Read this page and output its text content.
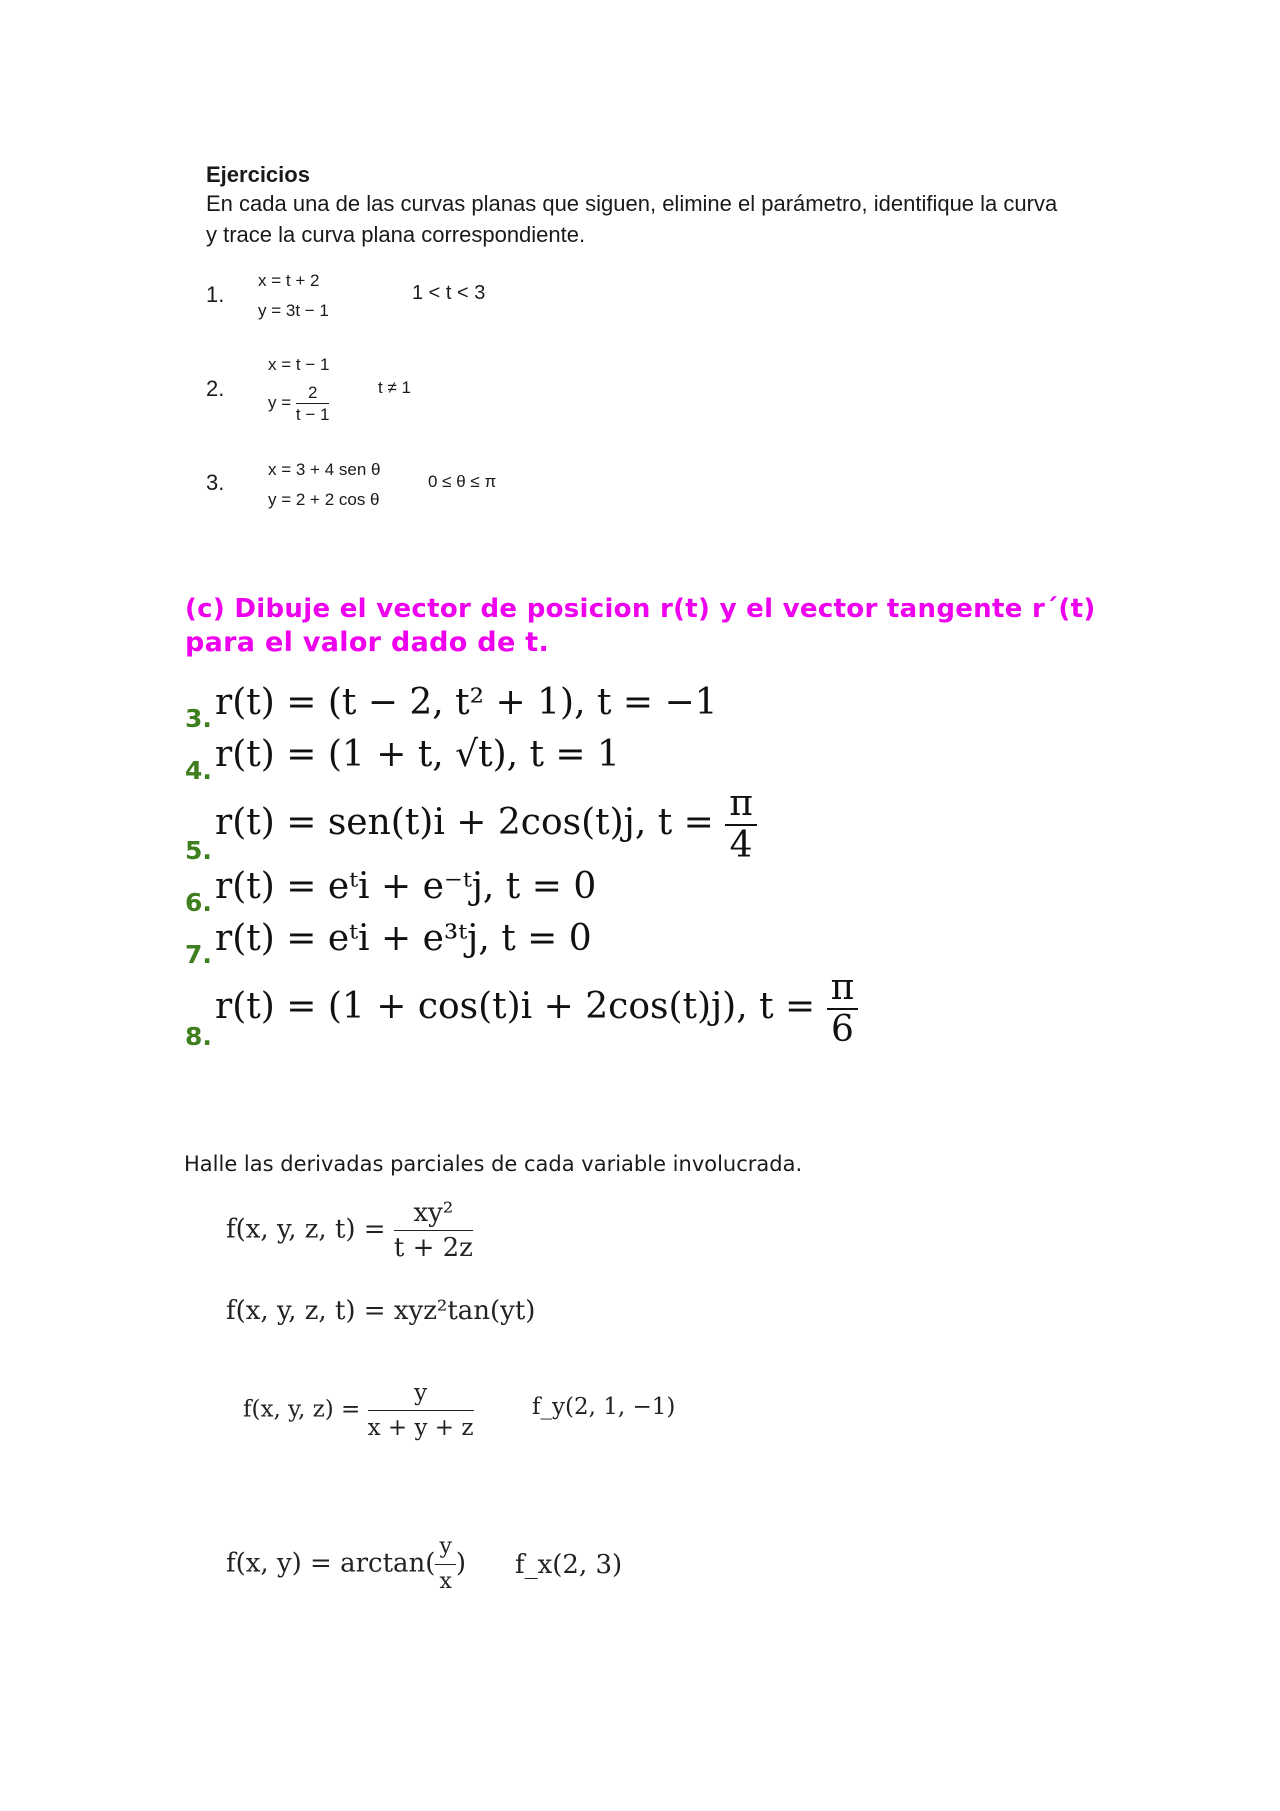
Ejercicios
En cada una de las curvas planas que siguen, elimine el parámetro, identifique la curva y trace la curva plana correspondiente.
1.
x = t + 2
y = 3t − 1
1 < t < 3
2.
x = t − 1
$y = \frac{2}{t - 1}$	t ≠ 1
3.
x = 3 + 4 sen θ
y = 2 + 2 cos θ
0 ≤ θ ≤ π
(c) Dibuje el vector de posicion r(t) y el vector tangente r´(t)
para el valor dado de t.
3. r(t) = (t − 2, t² + 1), t = −1
4. r(t) = (1 + t, √t), t = 1
5.
r(t) = sen(t)i + 2cos(t)j, $t = \frac{\pi}{4}$
6. r(t) = eᵗi + e⁻ᵗj, t = 0
7. r(t) = eᵗi + e³ᵗj, t = 0
8.
r(t) = (1 + cos(t)i + 2cos(t)j), $t = \frac{\pi}{6}$
Halle las derivadas parciales de cada variable involucrada.
f(x, y, z, $t) = \frac{\text{xy²}}{t + 2z}$
f(x, y, z, t) = xyz²tan(yt)
f(x, y, $z) = \frac{y}{x + y + z}$	f_y(2, 1, −1)
f(x, $y) = \arctan( \frac{y}{x}$ ) f_x(2, 3)
